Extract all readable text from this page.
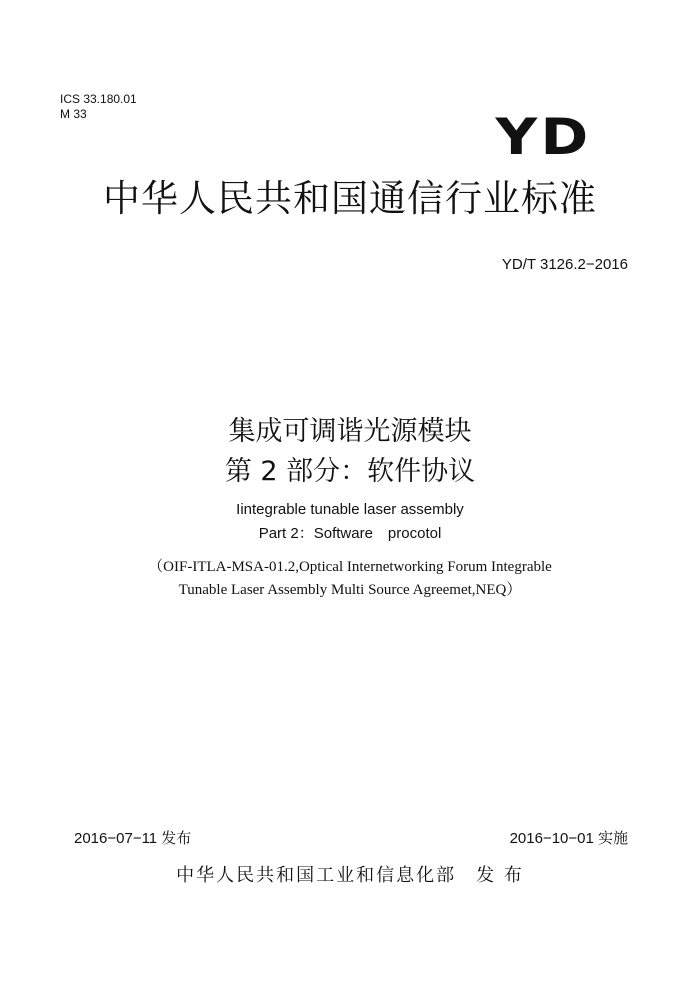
ICS 33.180.01
M 33	YD
中华人民共和国通信行业标准
YD/T 3126.2−2016
集成可调谐光源模块
第 2 部分：软件协议
Iintegrable tunable laser assembly
Part 2：Software　procotol
（OIF-ITLA-MSA-01.2,Optical Internetworking Forum Integrable
Tunable Laser Assembly Multi Source Agreemet,NEQ）
2016−07−11 发布	2016−10−01 实施
中华人民共和国工业和信息化部　发 布
